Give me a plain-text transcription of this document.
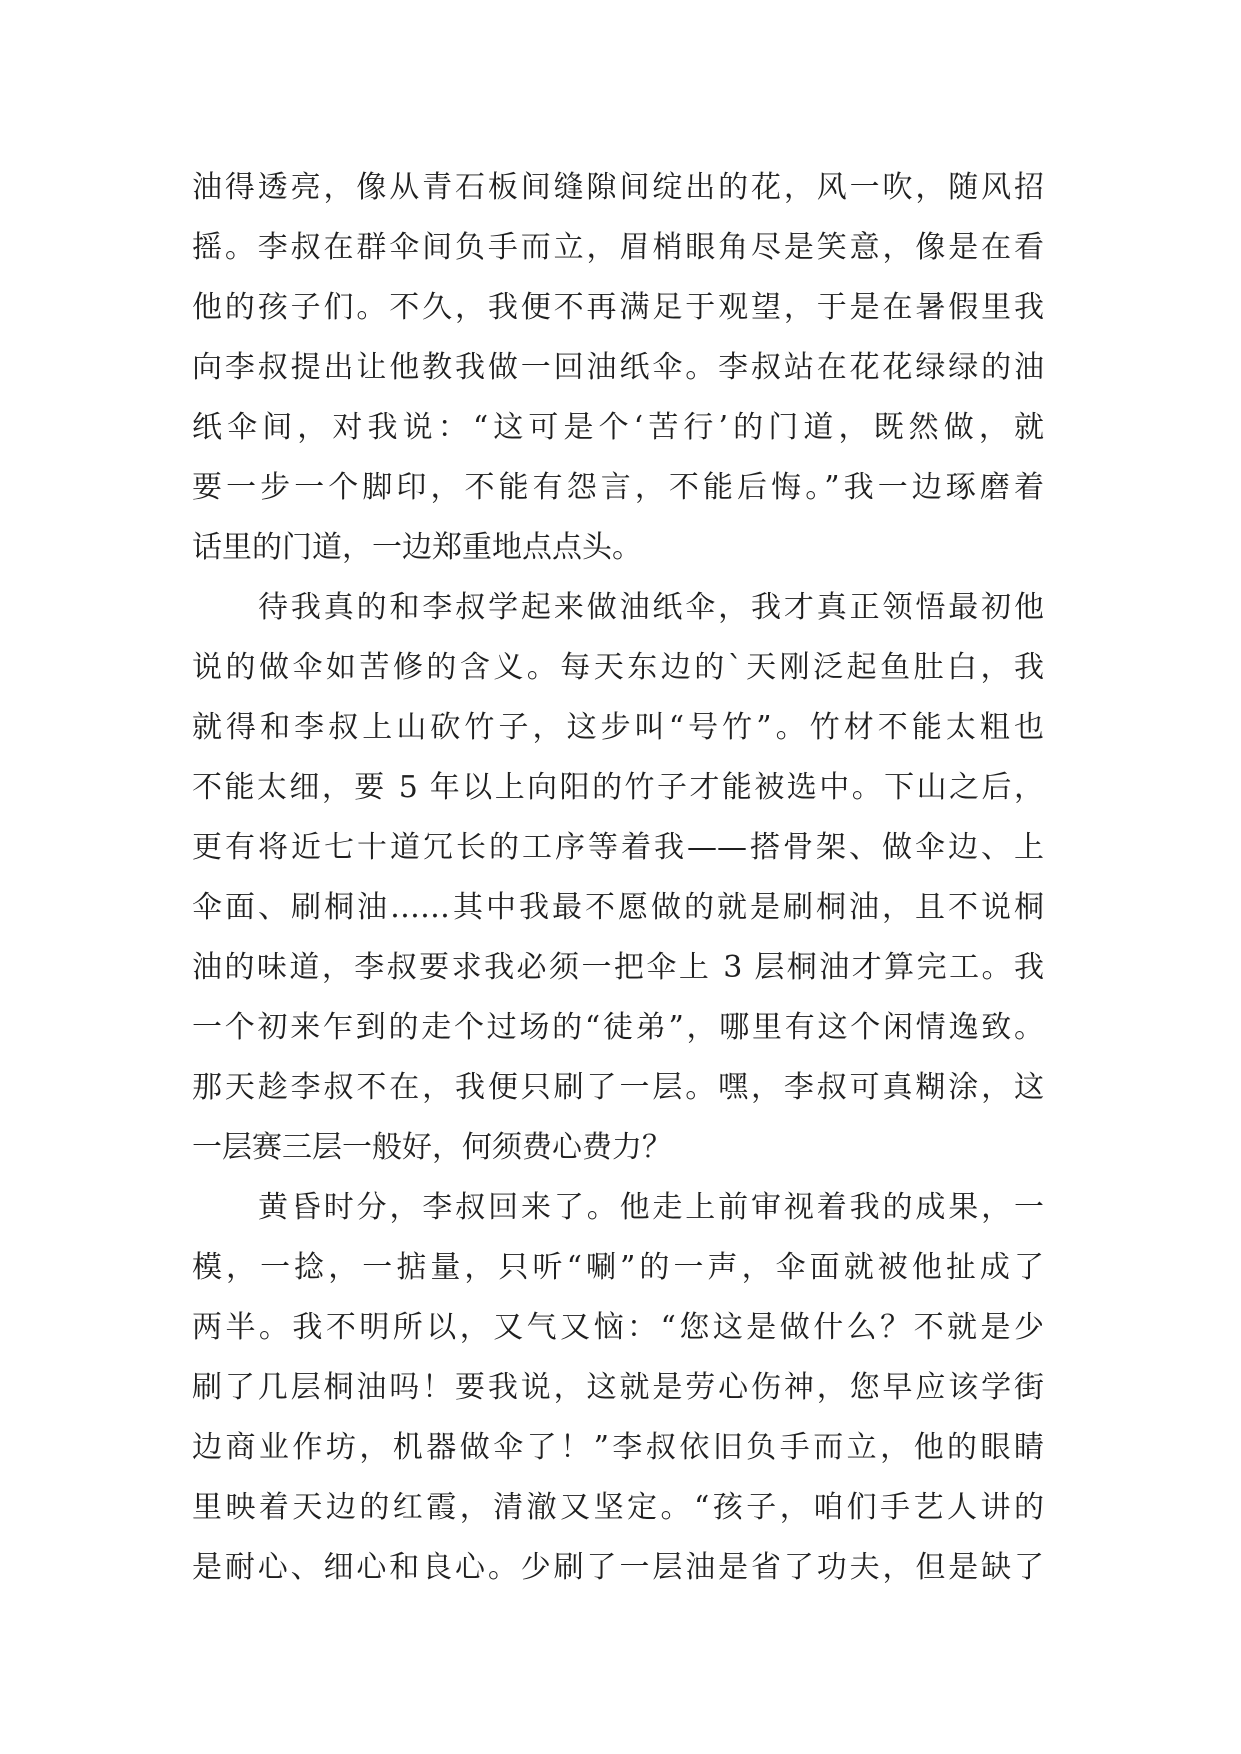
油得透亮，像从青石板间缝隙间绽出的花，风一吹，随风招
摇。李叔在群伞间负手而立，眉梢眼角尽是笑意，像是在看
他的孩子们。不久，我便不再满足于观望，于是在暑假里我
向李叔提出让他教我做一回油纸伞。李叔站在花花绿绿的油
纸伞间，对我说：“这可是个‘苦行’的门道，既然做，就
要一步一个脚印，不能有怨言，不能后悔。”我一边琢磨着
话里的门道，一边郑重地点点头。
待我真的和李叔学起来做油纸伞，我才真正领悟最初他
说的做伞如苦修的含义。每天东边的`天刚泛起鱼肚白，我
就得和李叔上山砍竹子，这步叫“号竹”。竹材不能太粗也
不能太细，要 5 年以上向阳的竹子才能被选中。下山之后，
更有将近七十道冗长的工序等着我——搭骨架、做伞边、上
伞面、刷桐油……其中我最不愿做的就是刷桐油，且不说桐
油的味道，李叔要求我必须一把伞上 3 层桐油才算完工。我
一个初来乍到的走个过场的“徒弟”，哪里有这个闲情逸致。
那天趁李叔不在，我便只刷了一层。嘿，李叔可真糊涂，这
一层赛三层一般好，何须费心费力？
黄昏时分，李叔回来了。他走上前审视着我的成果，一
模，一捻，一掂量，只听“唰”的一声，伞面就被他扯成了
两半。我不明所以，又气又恼：“您这是做什么？不就是少
刷了几层桐油吗！要我说，这就是劳心伤神，您早应该学街
边商业作坊，机器做伞了！”李叔依旧负手而立，他的眼睛
里映着天边的红霞，清澈又坚定。“孩子，咱们手艺人讲的
是耐心、细心和良心。少刷了一层油是省了功夫，但是缺了
